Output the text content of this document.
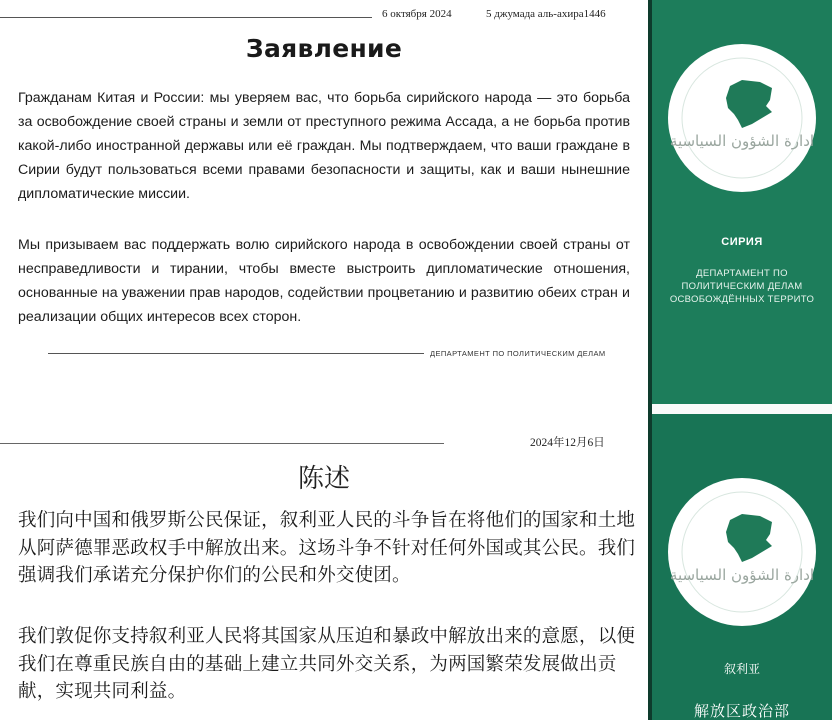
6 октября 2024	5 джумада аль-ахира1446
Заявление

Гражданам Китая и России: мы уверяем вас, что борьба сирийского народа — это борьба за освобождение своей страны и земли от преступного режима Ассада, а не борьба против какой-либо иностранной державы или её граждан. Мы подтверждаем, что ваши граждане в Сирии будут пользоваться всеми правами безопасности и защиты, как и ваши нынешние дипломатические миссии.

Мы призываем вас поддержать волю сирийского народа в освобождении своей страны от несправедливости и тирании, чтобы вместе выстроить дипломатические отношения, основанные на уважении прав народов, содействии процветанию и развитию обеих стран и реализации общих интересов всех сторон.

ДЕПАРТАМЕНТ ПО ПОЛИТИЧЕСКИМ ДЕЛАМ
2024年12月6日
陈述

我们向中国和俄罗斯公民保证，叙利亚人民的斗争旨在将他们的国家和土地从阿萨德罪恶政权手中解放出来。这场斗争不针对任何外国或其公民。我们强调我们承诺充分保护你们的公民和外交使团。

我们敦促你支持叙利亚人民将其国家从压迫和暴政中解放出来的意愿，以便我们在尊重民族自由的基础上建立共同外交关系，为两国繁荣发展做出贡献，实现共同利益。

ادارة الشؤون السياسية
СИРИЯ
ДЕПАРТАМЕНТ ПО
ПОЛИТИЧЕСКИМ ДЕЛАМ
ОСВОБОЖДЁННЫХ ТЕРРИТО
ادارة الشؤون السياسية
叙利亚
解放区政治部
